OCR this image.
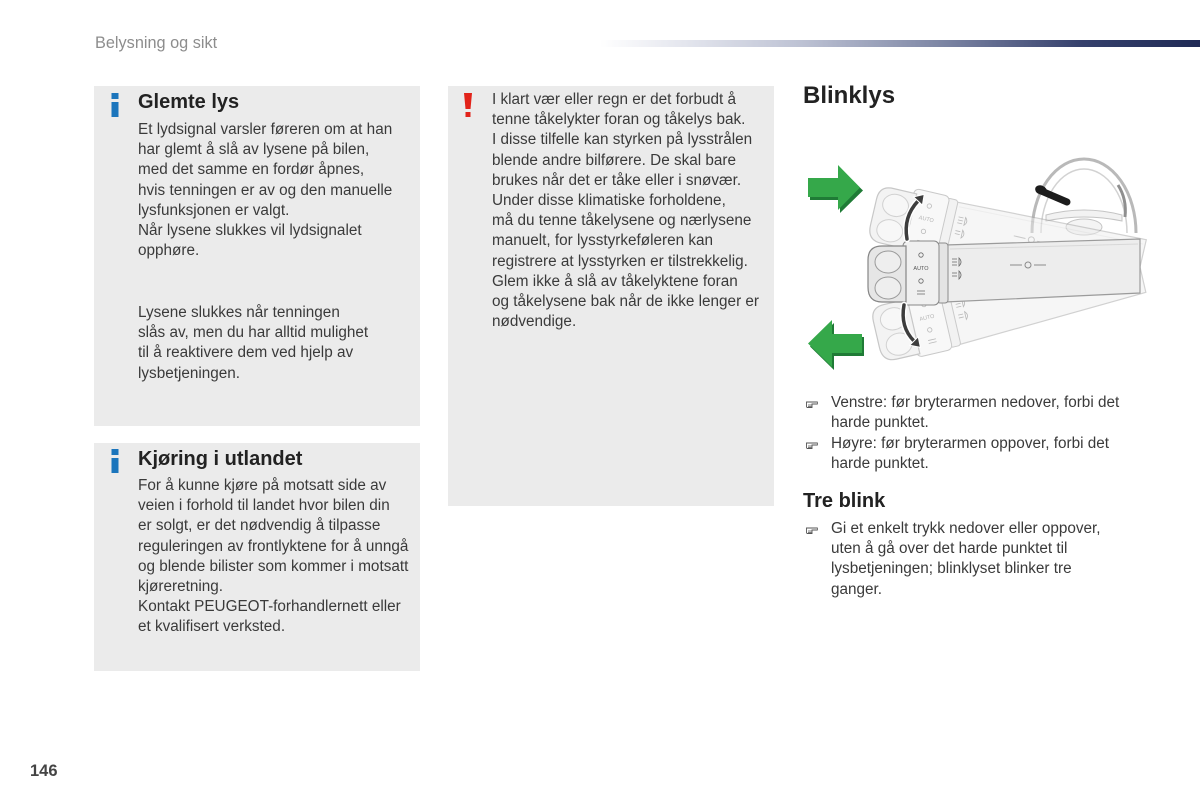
Belysning og sikt
Glemte lys
Et lydsignal varsler føreren om at han
har glemt å slå av lysene på bilen,
med det samme en fordør åpnes,
hvis tenningen er av og den manuelle
lysfunksjonen er valgt.
Når lysene slukkes vil lydsignalet
opphøre.
Lysene slukkes når tenningen
slås av, men du har alltid mulighet
til å reaktivere dem ved hjelp av
lysbetjeningen.
Kjøring i utlandet
For å kunne kjøre på motsatt side av
veien i forhold til landet hvor bilen din
er solgt, er det nødvendig å tilpasse
reguleringen av frontlyktene for å unngå
og blende bilister som kommer i motsatt
kjøreretning.
Kontakt PEUGEOT-forhandlernett eller
et kvalifisert verksted.
I klart vær eller regn er det forbudt å
tenne tåkelykter foran og tåkelys bak.
I disse tilfelle kan styrken på lysstrålen
blende andre bilførere. De skal bare
brukes når det er tåke eller i snøvær.
Under disse klimatiske forholdene,
må du tenne tåkelysene og nærlysene
manuelt, for lysstyrkeføleren kan
registrere at lysstyrken er tilstrekkelig.
Glem ikke å slå av tåkelyktene foran
og tåkelysene bak når de ikke lenger er
nødvendige.
Blinklys
AUTO
Venstre: før bryterarmen nedover, forbi det
harde punktet.
Høyre: før bryterarmen oppover, forbi det
harde punktet.
Tre blink
Gi et enkelt trykk nedover eller oppover,
uten å gå over det harde punktet til
lysbetjeningen; blinklyset blinker tre
ganger.
146
